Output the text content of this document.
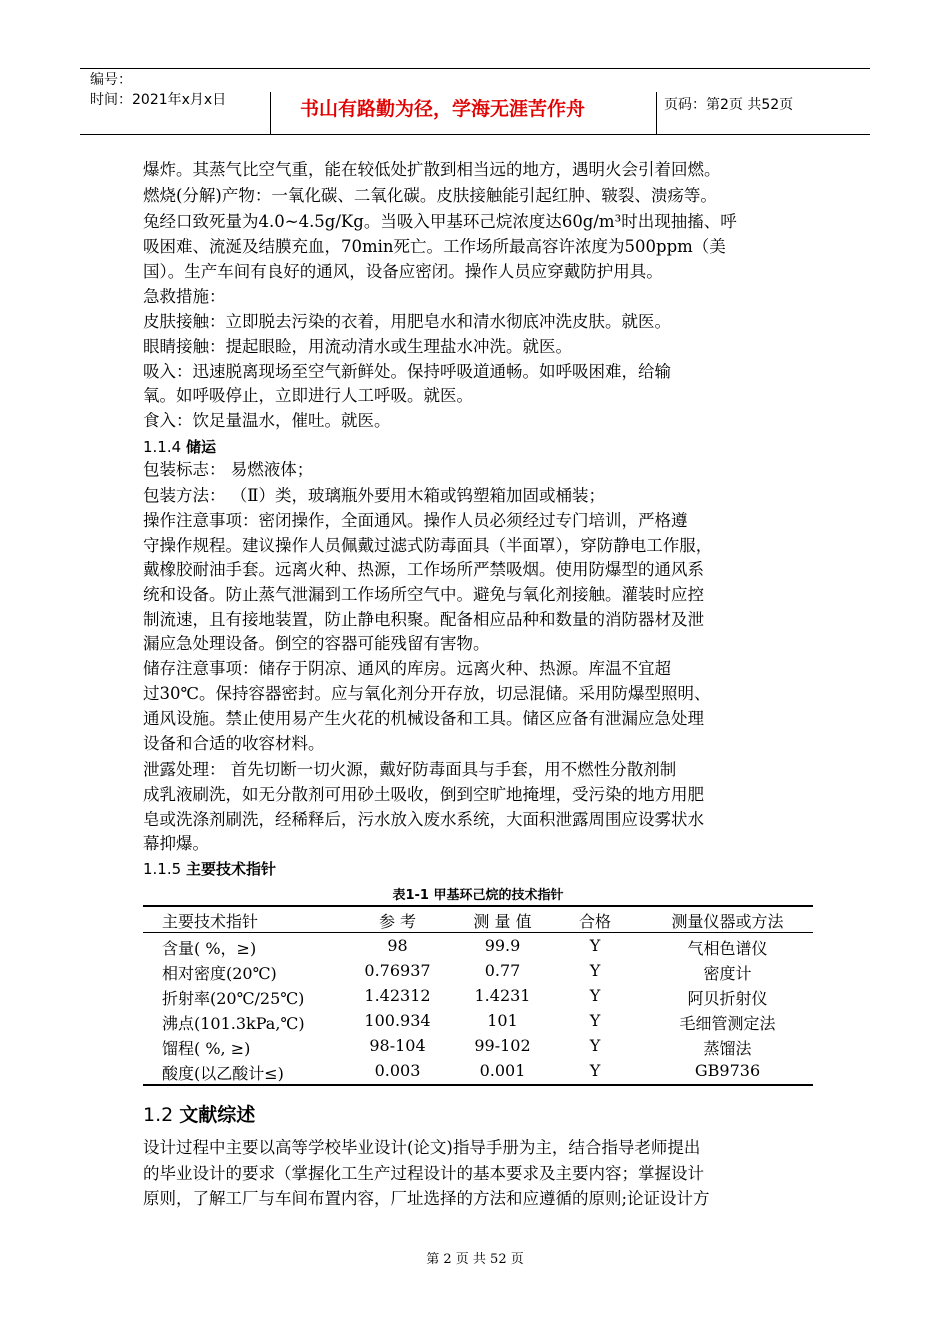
编号：
时间：2021年x月x日	书山有路勤为径，学海无涯苦作舟	页码：第2页 共52页
爆炸。其蒸气比空气重，能在较低处扩散到相当远的地方，遇明火会引着回燃。
燃烧(分解)产物：一氧化碳、二氧化碳。皮肤接触能引起红肿、皲裂、溃疡等。
兔经口致死量为4.0~4.5g/Kg。当吸入甲基环己烷浓度达60g/m³时出现抽搐、呼
吸困难、流涎及结膜充血，70min死亡。工作场所最高容许浓度为500ppm（美
国）。生产车间有良好的通风，设备应密闭。操作人员应穿戴防护用具。
急救措施：
皮肤接触：立即脱去污染的衣着，用肥皂水和清水彻底冲洗皮肤。就医。
眼睛接触：提起眼睑，用流动清水或生理盐水冲洗。就医。
吸入：迅速脱离现场至空气新鲜处。保持呼吸道通畅。如呼吸困难，给输
氧。如呼吸停止，立即进行人工呼吸。就医。
食入：饮足量温水，催吐。就医。
1.1.4 储运
包装标志： 易燃液体；
包装方法： （Ⅱ）类，玻璃瓶外要用木箱或钨塑箱加固或桶装；
操作注意事项：密闭操作，全面通风。操作人员必须经过专门培训，严格遵
守操作规程。建议操作人员佩戴过滤式防毒面具（半面罩），穿防静电工作服，
戴橡胶耐油手套。远离火种、热源，工作场所严禁吸烟。使用防爆型的通风系
统和设备。防止蒸气泄漏到工作场所空气中。避免与氧化剂接触。灌装时应控
制流速，且有接地装置，防止静电积聚。配备相应品种和数量的消防器材及泄
漏应急处理设备。倒空的容器可能残留有害物。
储存注意事项：储存于阴凉、通风的库房。远离火种、热源。库温不宜超
过30℃。保持容器密封。应与氧化剂分开存放，切忌混储。采用防爆型照明、
通风设施。禁止使用易产生火花的机械设备和工具。储区应备有泄漏应急处理
设备和合适的收容材料。
泄露处理： 首先切断一切火源，戴好防毒面具与手套，用不燃性分散剂制
成乳液刷洗，如无分散剂可用砂土吸收，倒到空旷地掩埋，受污染的地方用肥
皂或洗涤剂刷洗，经稀释后，污水放入废水系统，大面积泄露周围应设雾状水
幕抑爆。
1.1.5 主要技术指针
表1-1 甲基环己烷的技术指针
主要技术指针	参 考	测 量 值	合格	测量仪器或方法
含量( %，≥)	98	99.9	Y	气相色谱仪
相对密度(20℃)	0.76937	0.77	Y	密度计
折射率(20℃/25℃)	1.42312	1.4231	Y	阿贝折射仪
沸点(101.3kPa,℃)	100.934	101	Y	毛细管测定法
馏程( %, ≥)	98-104	99-102	Y	蒸馏法
酸度(以乙酸计≤)	0.003	0.001	Y	GB9736
1.2 文献综述
设计过程中主要以高等学校毕业设计(论文)指导手册为主，结合指导老师提出
的毕业设计的要求（掌握化工生产过程设计的基本要求及主要内容；掌握设计
原则，了解工厂与车间布置内容，厂址选择的方法和应遵循的原则;论证设计方
第 2 页 共 52 页
